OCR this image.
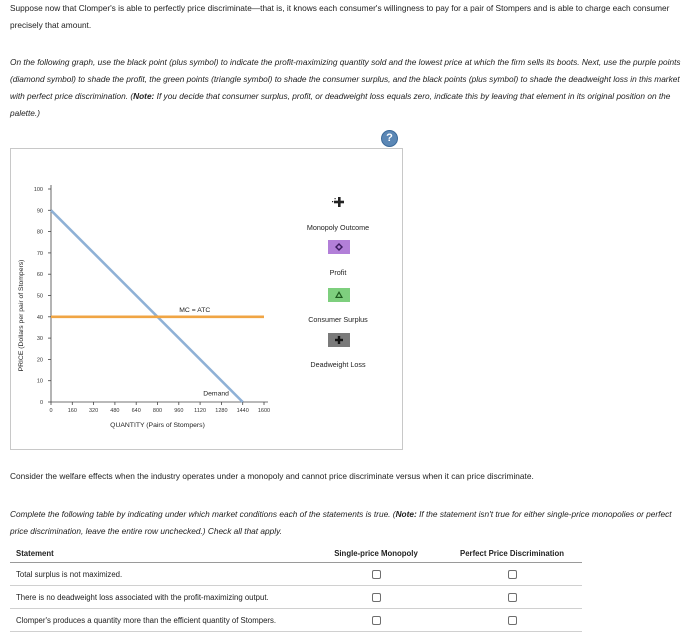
Suppose now that Clomper's is able to perfectly price discriminate—that is, it knows each consumer's willingness to pay for a pair of Stompers and is able to charge each consumer precisely that amount.

On the following graph, use the black point (plus symbol) to indicate the profit-maximizing quantity sold and the lowest price at which the firm sells its boots. Next, use the purple points (diamond symbol) to shade the profit, the green points (triangle symbol) to shade the consumer surplus, and the black points (plus symbol) to shade the deadweight loss in this market with perfect price discrimination. (Note: If you decide that consumer surplus, profit, or deadweight loss equals zero, indicate this by leaving that element in its original position on the palette.)

?
0
10
20
30
40
50
60
70
80
90
100
0	160 320 480 640 800 960 1120 1280 1440 1600
MC = ATC
Demand
QUANTITY (Pairs of Stompers)
PRICE (Dollars per pair of Stompers)
Monopoly Outcome
Profit
Consumer Surplus
Deadweight Loss

Consider the welfare effects when the industry operates under a monopoly and cannot price discriminate versus when it can price discriminate.

Complete the following table by indicating under which market conditions each of the statements is true. (Note: If the statement isn't true for either single-price monopolies or perfect price discrimination, leave the entire row unchecked.) Check all that apply.

Statement	Single-price Monopoly	Perfect Price Discrimination
Total surplus is not maximized.		
There is no deadweight loss associated with the profit-maximizing output.		
Clomper's produces a quantity more than the efficient quantity of Stompers.		
